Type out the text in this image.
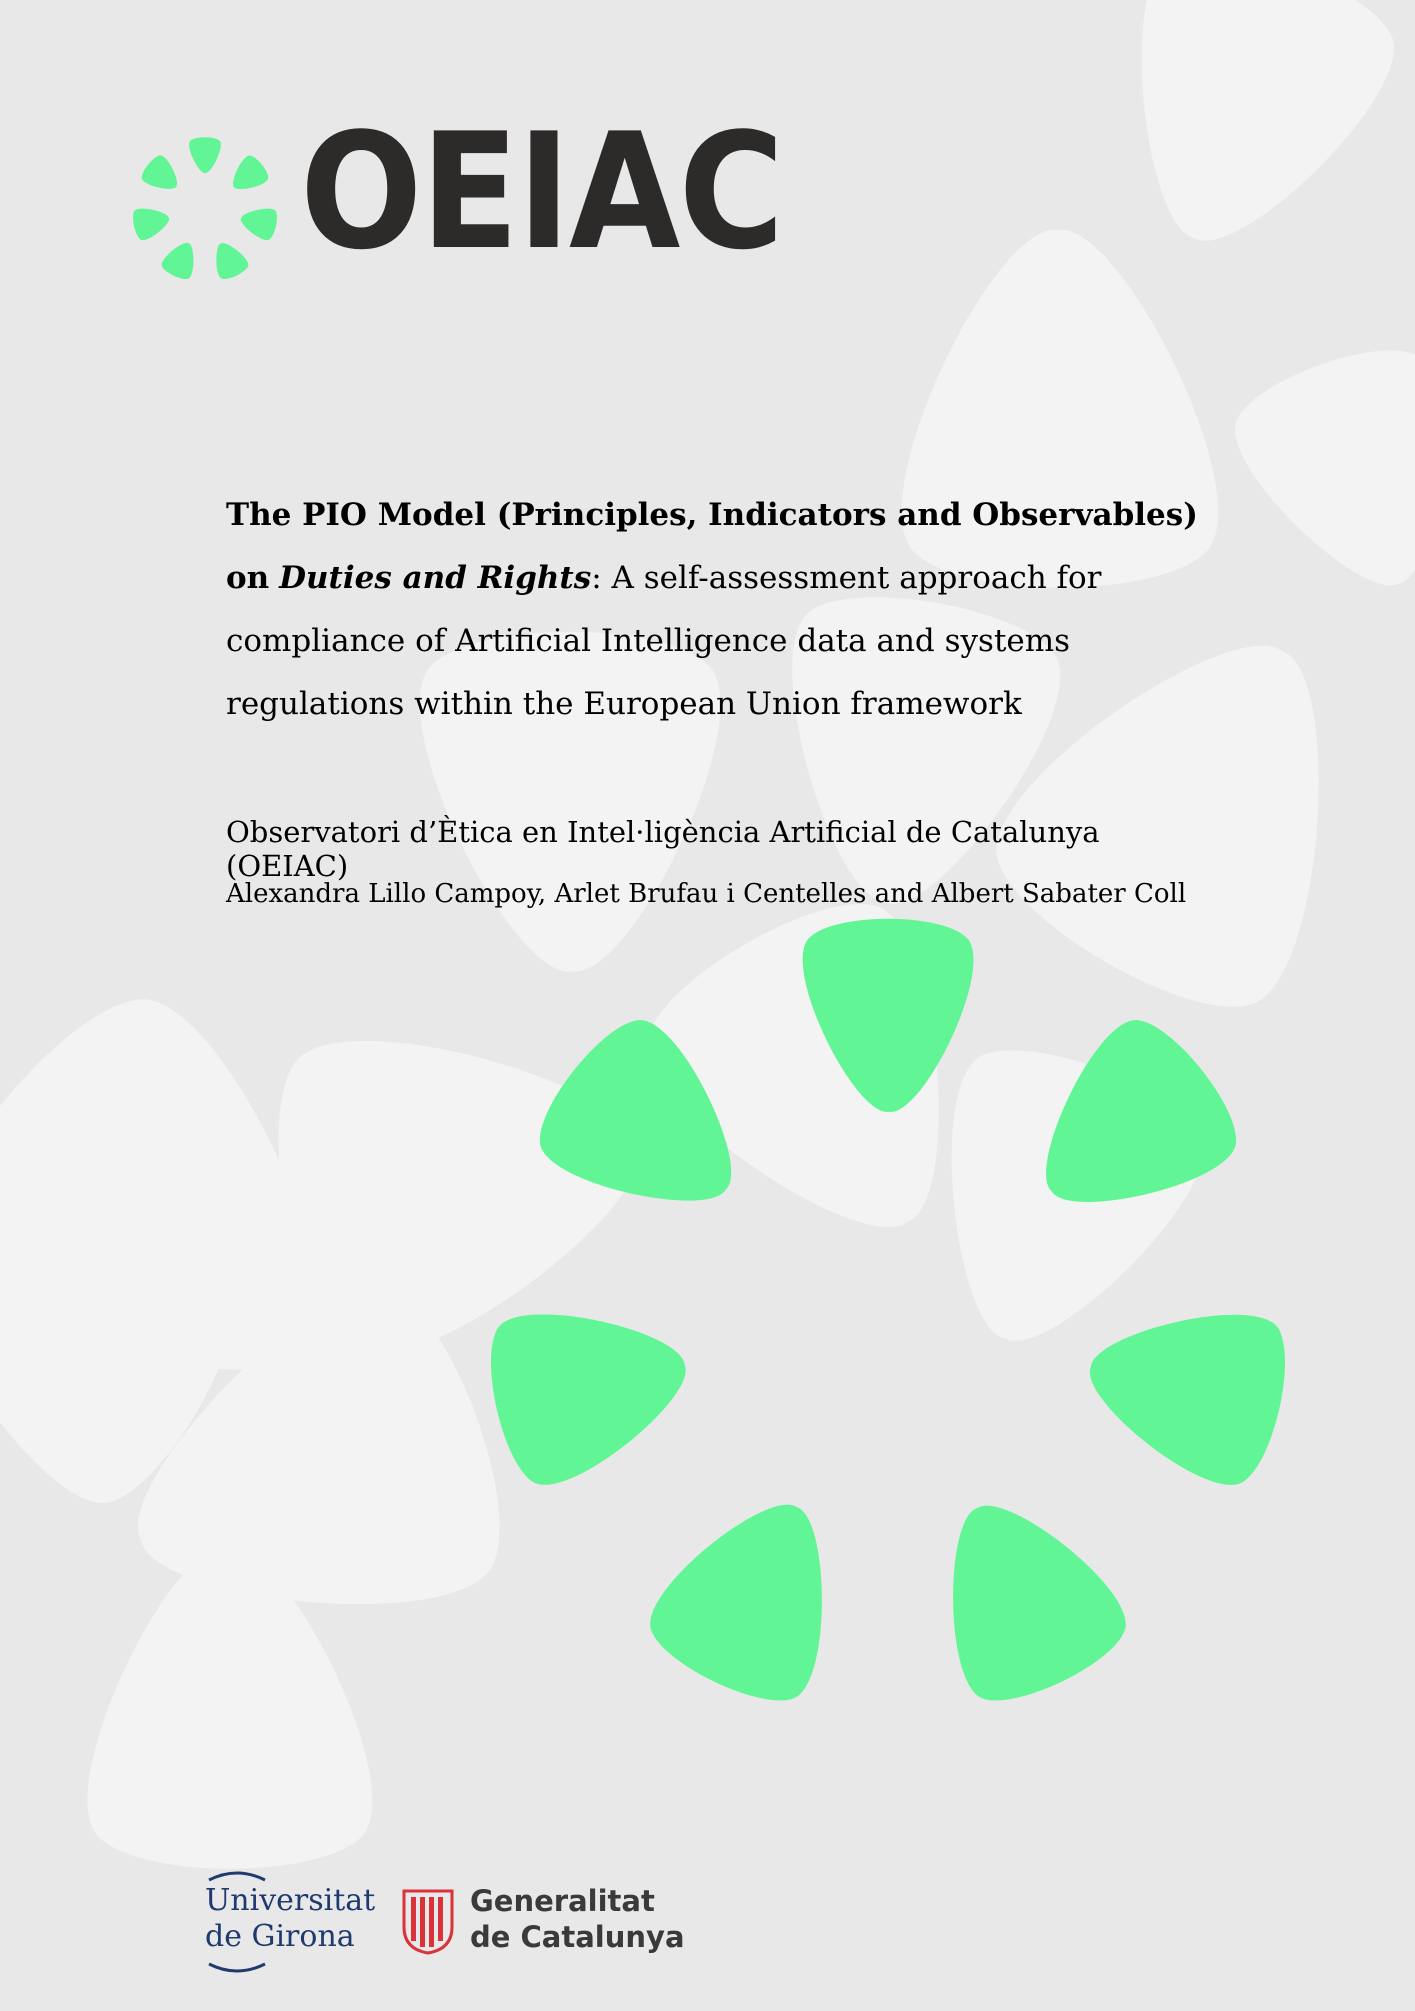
OEIAC

The PIO Model (Principles, Indicators and Observables) on Duties and Rights: A self-assessment approach for compliance of Artificial Intelligence data and systems regulations within the European Union framework

Observatori d’Ètica en Intel·ligència Artificial de Catalunya (OEIAC)

Alexandra Lillo Campoy, Arlet Brufau i Centelles and Albert Sabater Coll

Universitat
de Girona
Generalitat
de Catalunya
